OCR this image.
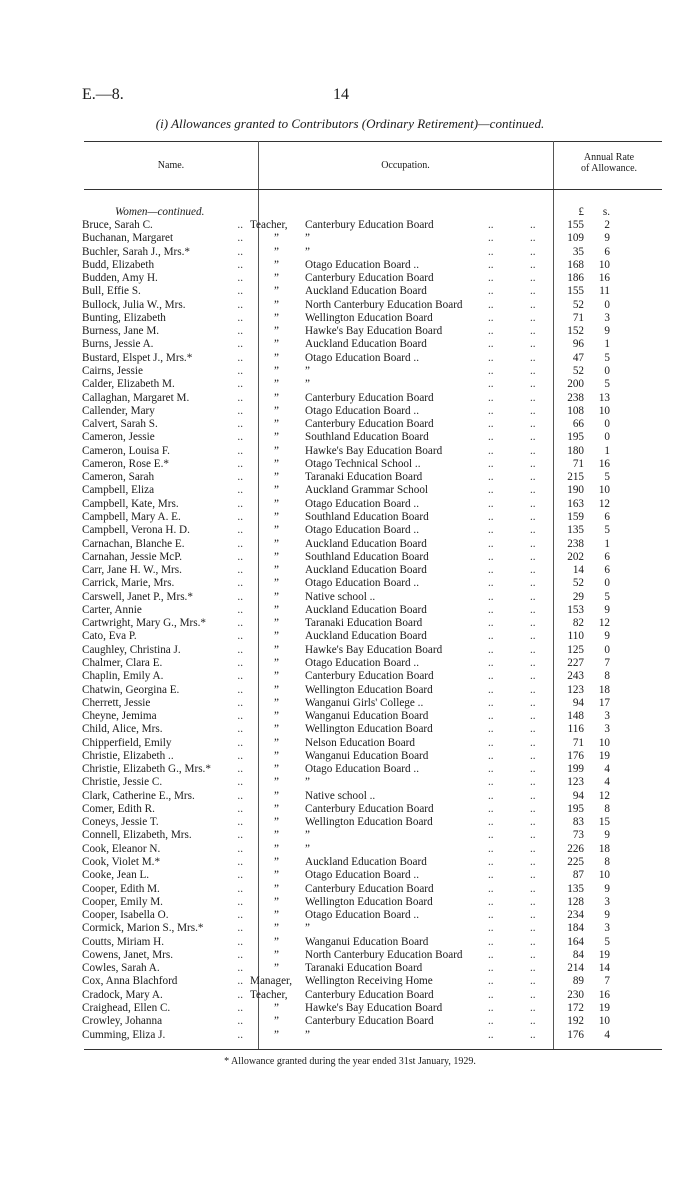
E.—8.	14
(i) Allowances granted to Contributors (Ordinary Retirement)—continued.
Name.	Occupation.
Annual Rate
of Allowance.
Women—continued.	£	s.
Bruce, Sarah C.	.. Teacher, Canterbury Education Board	..	..	155	2
Buchanan, Margaret	..	” ”	..	..	109	9
Buchler, Sarah J., Mrs.*	..	” ”	..	..	35	6
Budd, Elizabeth	..	” Otago Education Board ..	..	..	168	10
Budden, Amy H.	..	” Canterbury Education Board	..	..	186	16
Bull, Effie S.	..	” Auckland Education Board	..	..	155	11
Bullock, Julia W., Mrs.	..	” North Canterbury Education Board ..	..	52	0
Bunting, Elizabeth	..	” Wellington Education Board	..	..	71	3
Burness, Jane M.	..	” Hawke's Bay Education Board	..	..	152	9
Burns, Jessie A.	..	” Auckland Education Board	..	..	96	1
Bustard, Elspet J., Mrs.*	..	” Otago Education Board ..	..	..	47	5
Cairns, Jessie	..	” ”	..	..	52	0
Calder, Elizabeth M.	..	” ”	..	..	200	5
Callaghan, Margaret M.	..	” Canterbury Education Board	..	..	238	13
Callender, Mary	..	” Otago Education Board ..	..	..	108	10
Calvert, Sarah S.	..	” Canterbury Education Board	..	..	66	0
Cameron, Jessie	..	” Southland Education Board	..	..	195	0
Cameron, Louisa F.	..	” Hawke's Bay Education Board	..	..	180	1
Cameron, Rose E.*	..	” Otago Technical School ..	..	..	71	16
Cameron, Sarah	..	” Taranaki Education Board	..	..	215	5
Campbell, Eliza	..	” Auckland Grammar School	..	..	190	10
Campbell, Kate, Mrs.	..	” Otago Education Board ..	..	..	163	12
Campbell, Mary A. E.	..	” Southland Education Board	..	..	159	6
Campbell, Verona H. D.	..	” Otago Education Board ..	..	..	135	5
Carnachan, Blanche E.	..	” Auckland Education Board	..	..	238	1
Carnahan, Jessie McP.	..	” Southland Education Board	..	..	202	6
Carr, Jane H. W., Mrs.	..	” Auckland Education Board	..	..	14	6
Carrick, Marie, Mrs.	..	” Otago Education Board ..	..	..	52	0
Carswell, Janet P., Mrs.*	..	” Native school ..	..	..	29	5
Carter, Annie	..	” Auckland Education Board	..	..	153	9
Cartwright, Mary G., Mrs.*	..	” Taranaki Education Board	..	..	82	12
Cato, Eva P.	..	” Auckland Education Board	..	..	110	9
Caughley, Christina J.	..	” Hawke's Bay Education Board	..	..	125	0
Chalmer, Clara E.	..	” Otago Education Board ..	..	..	227	7
Chaplin, Emily A.	..	” Canterbury Education Board	..	..	243	8
Chatwin, Georgina E.	..	” Wellington Education Board	..	..	123	18
Cherrett, Jessie	..	” Wanganui Girls' College ..	..	..	94	17
Cheyne, Jemima	..	” Wanganui Education Board	..	..	148	3
Child, Alice, Mrs.	..	” Wellington Education Board	..	..	116	3
Chipperfield, Emily	..	” Nelson Education Board	..	..	71	10
Christie, Elizabeth ..	..	” Wanganui Education Board	..	..	176	19
Christie, Elizabeth G., Mrs.*	..	” Otago Education Board ..	..	..	199	4
Christie, Jessie C.	..	” ”	..	..	123	4
Clark, Catherine E., Mrs.	..	” Native school ..	..	..	94	12
Comer, Edith R.	..	” Canterbury Education Board	..	..	195	8
Coneys, Jessie T.	..	” Wellington Education Board	..	..	83	15
Connell, Elizabeth, Mrs.	..	” ”	..	..	73	9
Cook, Eleanor N.	..	” ”	..	..	226	18
Cook, Violet M.*	..	” Auckland Education Board	..	..	225	8
Cooke, Jean L.	..	” Otago Education Board ..	..	..	87	10
Cooper, Edith M.	..	” Canterbury Education Board	..	..	135	9
Cooper, Emily M.	..	” Wellington Education Board	..	..	128	3
Cooper, Isabella O.	..	” Otago Education Board ..	..	..	234	9
Cormick, Marion S., Mrs.*	..	” ”	..	..	184	3
Coutts, Miriam H.	..	” Wanganui Education Board	..	..	164	5
Cowens, Janet, Mrs.	..	” North Canterbury Education Board ..	..	84	19
Cowles, Sarah A.	..	” Taranaki Education Board	..	..	214	14
Cox, Anna Blachford	.. Manager, Wellington Receiving Home	..	..	89	7
Cradock, Mary A.	.. Teacher, Canterbury Education Board	..	..	230	16
Craighead, Ellen C.	..	” Hawke's Bay Education Board	..	..	172	19
Crowley, Johanna	..	” Canterbury Education Board	..	..	192	10
Cumming, Eliza J.	..	” ”	..	..	176	4
* Allowance granted during the year ended 31st January, 1929.
